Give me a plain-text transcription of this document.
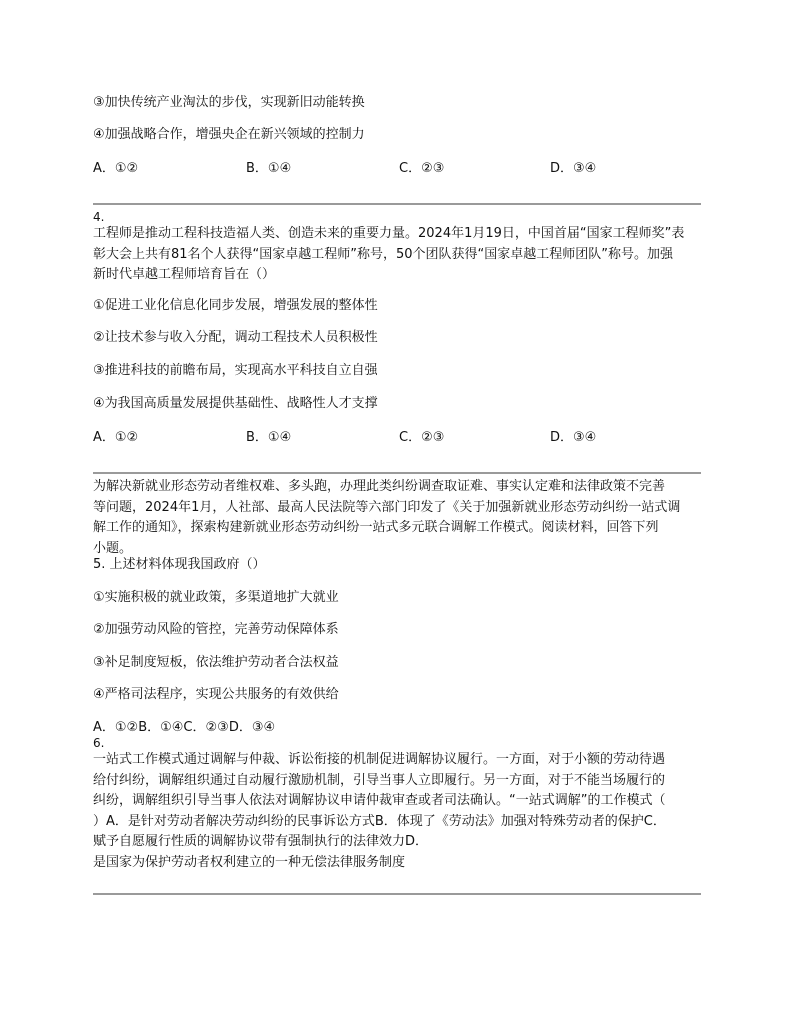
③加快传统产业淘汰的步伐，实现新旧动能转换
④加强战略合作，增强央企在新兴领域的控制力
A．①②	B．①④	C．②③	D．③④
4.
工程师是推动工程科技造福人类、创造未来的重要力量。2024年1月19日，中国首届“国家工程师奖”表
彰大会上共有81名个人获得“国家卓越工程师”称号，50个团队获得“国家卓越工程师团队”称号。加强
新时代卓越工程师培育旨在（）
①促进工业化信息化同步发展，增强发展的整体性
②让技术参与收入分配，调动工程技术人员积极性
③推进科技的前瞻布局，实现高水平科技自立自强
④为我国高质量发展提供基础性、战略性人才支撑
A．①②	B．①④	C．②③	D．③④
为解决新就业形态劳动者维权难、多头跑，办理此类纠纷调查取证难、事实认定难和法律政策不完善
等问题，2024年1月，人社部、最高人民法院等六部门印发了《关于加强新就业形态劳动纠纷一站式调
解工作的通知》，探索构建新就业形态劳动纠纷一站式多元联合调解工作模式。阅读材料，回答下列
小题。
5. 上述材料体现我国政府（）
①实施积极的就业政策，多渠道地扩大就业
②加强劳动风险的管控，完善劳动保障体系
③补足制度短板，依法维护劳动者合法权益
④严格司法程序，实现公共服务的有效供给
A．①②B．①④C．②③D．③④
6.
一站式工作模式通过调解与仲裁、诉讼衔接的机制促进调解协议履行。一方面，对于小额的劳动待遇
给付纠纷，调解组织通过自动履行激励机制，引导当事人立即履行。另一方面，对于不能当场履行的
纠纷，调解组织引导当事人依法对调解协议申请仲裁审查或者司法确认。“一站式调解”的工作模式（
）A．是针对劳动者解决劳动纠纷的民事诉讼方式B．体现了《劳动法》加强对特殊劳动者的保护C．
赋予自愿履行性质的调解协议带有强制执行的法律效力D．
是国家为保护劳动者权利建立的一种无偿法律服务制度
